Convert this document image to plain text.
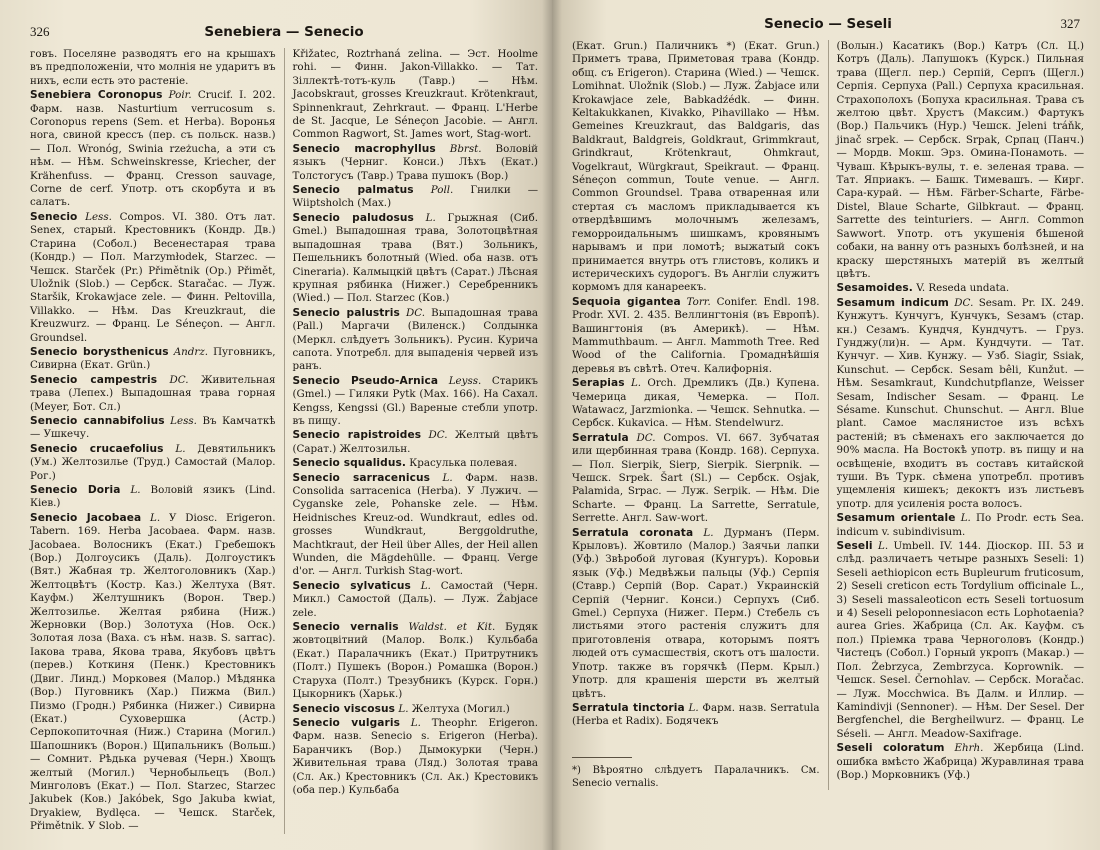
326	Senebiera — Senecio

говъ. Поселяне разводятъ его на крышахъ въ предположеніи, что молнія не ударитъ въ нихъ, если есть это растеніе.

Senebiera Coronopus Poir. Crucif. I. 202. Фарм. назв. Nasturtium verrucosum s. Coronopus repens (Sem. et Herba). Воронья нога, свиной крессъ (пер. съ польск. назв.) — Пол. Wronóg, Swinia rzeżucha, а эти съ нѣм. — Нѣм. Schweinskresse, Kriecher, der Krähenfuss. — Франц. Cresson sauvage, Corne de cerf. Употр. отъ скорбута и въ салатъ.

Senecio Less. Compos. VI. 380. Отъ лат. Senex, старый. Крестовникъ (Кондр. Дв.) Старина (Собол.) Весенестарая трава (Кондр.) — Пол. Marzymłodek, Starzec. — Чешск. Starček (Pr.) Přimětnik (Op.) Přimět, Uložnik (Slob.) — Сербск. Staračac. — Луж. Staršik, Krokawjace zele. — Финн. Peltovilla, Villakko. — Нѣм. Das Kreuzkraut, die Kreuzwurz. — Франц. Le Séneçon. — Англ. Groundsel.

Senecio borysthenicus Andrz. Пуговникъ, Сивирна (Екат. Grün.)

Senecio campestris DC. Живительная трава (Лепех.) Выпадошная трава горная (Meyer, Бот. Сл.)

Senecio cannabifolius Less. Въ Камчаткѣ — Ушкечу.

Senecio crucaefolius L. Девятильникъ (Ум.) Желтозилье (Труд.) Самостай (Малор. Рог.)

Senecio Doria L. Воловій язикъ (Lind. Кіев.)

Senecio Jacobaea L. У Diosc. Erigeron. Tabern. 169. Herba Jacobaea. Фарм. назв. Jacobaea. Волосникъ (Екат.) Гребешокъ (Вор.) Долгоусикъ (Даль). Долгоустикъ (Вят.) Жабная тр. Желтоголовникъ (Хар.) Желтоцвѣтъ (Костр. Каз.) Желтуха (Вят. Кауфм.) Желтушникъ (Ворон. Твер.) Желтозилье. Желтая рябина (Ниж.) Жерновки (Вор.) Золотуха (Нов. Оск.) Золотая лоза (Ваха. съ нѣм. назв. S. sarrac). Іакова трава, Якова трава, Якубовъ цвѣтъ (перев.) Коткиня (Пенк.) Крестовникъ (Двиг. Линд.) Морковея (Малор.) Мѣдянка (Вор.) Пуговникъ (Хар.) Пижма (Вил.) Пизмо (Гродн.) Рябинка (Нижег.) Сивирна (Екат.) Суховершка (Астр.) Серпокопиточная (Ниж.) Старина (Могил.) Шапошникъ (Ворон.) Щипальникъ (Вольш.) — Сомнит. Рѣдька ручевая (Черн.) Хвощъ желтый (Могил.) Чернобыльецъ (Вол.) Минголовъ (Екат.) — Пол. Starzec, Starzec Jakubek (Ков.) Jakóbek, Sgo Jakuba kwiat, Dryakiew, Bydlęca. — Чешск. Starček, Přimětnik. У Slob. —

Křižatec, Roztrhaná zelina. — Эст. Hoolme rohi. — Финн. Jakon-Villakko. — Тат. Зіллектѣ-тотъ-куль (Тавр.) — Нѣм. Jacobskraut, grosses Kreuzkraut. Krötenkraut, Spinnenkraut, Zehrkraut. — Франц. L'Herbe de St. Jacque, Le Séneçon Jacobie. — Англ. Common Ragwort, St. James wort, Stag-wort.

Senecio macrophyllus Bbrst. Воловій языкъ (Черниг. Конси.) Лѣхъ (Екат.) Толстогусъ (Тавр.) Трава пушокъ (Вор.)

Senecio palmatus Poll. Гнилки — Wiiptsholch (Max.)

Senecio paludosus L. Грыжная (Сиб. Gmel.) Выпадошная трава, Золотоцвѣтная выпадошная трава (Вят.) Зольникъ, Пешельникъ болотный (Wied. оба назв. отъ Cineraria). Калмыцкій цвѣтъ (Сарат.) Лѣсная крупная рябинка (Нижег.) Серебренникъ (Wied.) — Пол. Starzec (Ков.)

Senecio palustris DC. Выпадошная трава (Pall.) Маргачи (Виленск.) Солдынка (Меркл. слѣдуетъ Зольникъ). Русин. Курича сапота. Употребл. для выпаденія червей изъ ранъ.

Senecio Pseudo-Arnica Leyss. Старикъ (Gmel.) — Гиляки Pytk (Max. 166). На Сахал. Kengss, Kengssi (Gl.) Вареные стебли употр. въ пищу.

Senecio rapistroides DC. Желтый цвѣтъ (Сарат.) Желтозильн.

Senecio squalidus. Красулька полевая.

Senecio sarracenicus L. Фарм. назв. Consolida sarracenica (Herba). У Лужич. — Cyganske zele, Pohanske zele. — Нѣм. Heidnisches Kreuz-od. Wundkraut, edles od. grosses Wundkraut, Berggoldruthe, Machtkraut, der Heil über Alles, der Heil allen Wunden, die Mägdehülle. — Франц. Verge d'or. — Англ. Turkish Stag-wort.

Senecio sylvaticus L. Самостай (Черн. Микл.) Самостой (Даль). — Луж. Źabjace zele.

Senecio vernalis Waldst. et Kit. Будяк жовтоцвітний (Малор. Волк.) Кульбаба (Екат.) Паралачникъ (Екат.) Притрутникъ (Полт.) Пушекъ (Ворон.) Ромашка (Ворон.) Старуха (Полт.) Трезубникъ (Курск. Горн.) Цыкорникъ (Харьк.)

Senecio viscosus L. Желтуха (Могил.)

Senecio vulgaris L. Theophr. Erigeron. Фарм. назв. Senecio s. Erigeron (Herba). Баранчикъ (Вор.) Дымокурки (Черн.) Живительная трава (Ляд.) Золотая трава (Сл. Ак.) Крестовникъ (Сл. Ак.) Крестовикъ (оба пер.) Кульбаба

Senecio — Seseli	327

(Екат. Grun.) Паличникъ *) (Екат. Grun.) Приметъ трава, Приметовая трава (Кондр. общ. съ Erigeron). Старина (Wied.) — Чешск. Lomihnat. Uložnik (Slob.) — Луж. Źabjace или Krokawjace zele, Babkadźédk. — Финн. Keltakukkanen, Kivakko, Pihavillako — Нѣм. Gemeines Kreuzkraut, das Baldgaris, das Baldkraut, Baldgreis, Goldkraut, Grimmkraut, Grindkraut, Krötenkraut, Ohmkraut, Vogelkraut, Würgkraut, Speikraut. — Франц. Séneçon commun, Toute venue. — Англ. Common Groundsel. Трава отваренная или стертая съ масломъ прикладывается къ отвердѣвшимъ молочнымъ железамъ, геморроидальнымъ шишкамъ, кровянымъ нарывамъ и при ломотѣ; выжатый сокъ принимается внутрь отъ глистовъ, коликъ и истерическихъ судорогъ. Въ Англіи служитъ кормомъ для канареекъ.

Sequoia gigantea Torr. Conifer. Endl. 198. Prodr. XVI. 2. 435. Веллингтонія (въ Европѣ). Вашингтонія (въ Америкѣ). — Нѣм. Mammuthbaum. — Англ. Mammoth Tree. Red Wood of the California. Громаднѣйшія деревья въ свѣтѣ. Отеч. Калифорнія.

Serapias L. Orch. Дремликъ (Дв.) Купена. Чемерица дикая, Чемерка. — Пол. Watawacz, Jarzmionka. — Чешск. Sehnutka. — Сербск. Kukavica. — Нѣм. Stendelwurz.

Serratula DC. Compos. VI. 667. Зубчатая или щербинная трава (Кондр. 168). Серпуха. — Пол. Sierpik, Sierp, Sierpik. Sierpnik. — Чешск. Srpek. Šart (Sl.) — Сербск. Osjak, Palamida, Srpac. — Луж. Serpik. — Нѣм. Die Scharte. — Франц. La Sarrette, Serratule, Serrette. Англ. Saw-wort.

Serratula coronata L. Дурманъ (Перм. Крыловъ). Жовтило (Малор.) Заячьи лапки (Уф.) Звѣробой луговая (Кунгуръ). Коровьи язык (Уф.) Медвѣжьи пальцы (Уф.) Серпія (Ставр.) Серпій (Вор. Сарат.) Украинскій Серпій (Черниг. Конси.) Серпухъ (Сиб. Gmel.) Серпуха (Нижег. Перм.) Стебель съ листьями этого растенія служитъ для приготовленія отвара, которымъ поятъ людей отъ сумасшествія, скотъ отъ шалости. Употр. также въ горячкѣ (Перм. Крыл.) Употр. для крашенія шерсти въ желтый цвѣтъ.

Serratula tinctoria L. Фарм. назв. Serratula (Herba et Radix). Бодячекъ

*) Вѣроятно слѣдуетъ Паралачникъ. См. Senecio vernalis.

(Волын.) Касатикъ (Вор.) Катръ (Сл. Ц.) Котръ (Даль). Лапушокъ (Курск.) Пильная трава (Щегл. пер.) Серпій, Серпъ (Щегл.) Серпія. Серпуха (Pall.) Серпуха красильная. Страхополохъ (Бопуха красильная. Трава съ желтою цвѣт. Хрустъ (Максим.) Фартукъ (Вор.) Пальчикъ (Hyp.) Чешск. Jeleni tráňk, jinač srpek. — Сербск. Srpak, Српац (Панч.) — Мордв. Мокш. Эрз. Омина-Понамоть. — Чуваш. Кѣрыкъ-вулы, т. е. зеленая трава. — Тат. Яприакъ. — Башк. Тимевашъ. — Кирг. Сара-курай. — Нѣм. Färber-Scharte, Färbe-Distel, Blaue Scharte, Gilbkraut. — Франц. Sarrette des teinturiers. — Англ. Common Sawwort. Употр. отъ укушенія бѣшеной собаки, на ванну отъ разныхъ болѣзней, и на краску шерстяныхъ матерій въ желтый цвѣтъ.

Sesamoides. V. Reseda undata.

Sesamum indicum DC. Sesam. Pr. IX. 249. Кунжутъ. Кунчугъ, Кунчукъ, Sезамъ (стар. кн.) Сезамъ. Кундчя, Кундчутъ. — Груз. Гунджу(ли)н. — Арм. Кундчути. — Тат. Кунчуг. — Хив. Кунжу. — Узб. Siagir, Ssiak, Kunschut. — Сербск. Sesam bêli, Kunžut. — Нѣм. Sesamkraut, Kundchutpflanze, Weisser Sesam, Indischer Sesam. — Франц. Le Sésame. Kunschut. Chunschut. — Англ. Blue plant. Самое маслянистое изъ всѣхъ растеній; въ сѣменахъ его заключается до 90% масла. На Востокѣ употр. въ пищу и на освѣщеніе, входитъ въ составъ китайской туши. Въ Турк. сѣмена употребл. противъ ущемленія кишекъ; декоктъ изъ листьевъ употр. для усиленія роста волосъ.

Sesamum orientale L. По Prodr. есть Sea. indicum v. subindivisum.

Seseli L. Umbell. IV. 144. Діоскор. III. 53 и слѣд. различаетъ четыре разныхъ Seseli: 1) Seseli aethiopicon есть Bupleurum fruticosum, 2) Seseli creticon есть Tordylium officinale L., 3) Seseli massaleoticon есть Seseli tortuosum и 4) Seseli peloponnesiacon есть Lophotaenia? aurea Gries. Жабрица (Сл. Ак. Кауфм. съ пол.) Пріемка трава Черноголовъ (Кондр.) Чистецъ (Собол.) Горный укропъ (Макар.) — Пол. Żebrzyca, Zembrzyca. Koprownik. — Чешск. Sesel. Černohlav. — Сербск. Moračac. — Луж. Mocchwica. Въ Далм. и Иллир. — Kamindivji (Sennoner). — Нѣм. Der Sesel. Der Bergfenchel, die Bergheilwurz. — Франц. Le Séseli. — Англ. Meadow-Saxifrage.

Seseli coloratum Ehrh. Жербица (Lind. ошибка вмѣсто Жабрица) Журавлиная трава (Вор.) Морковникъ (Уф.)
